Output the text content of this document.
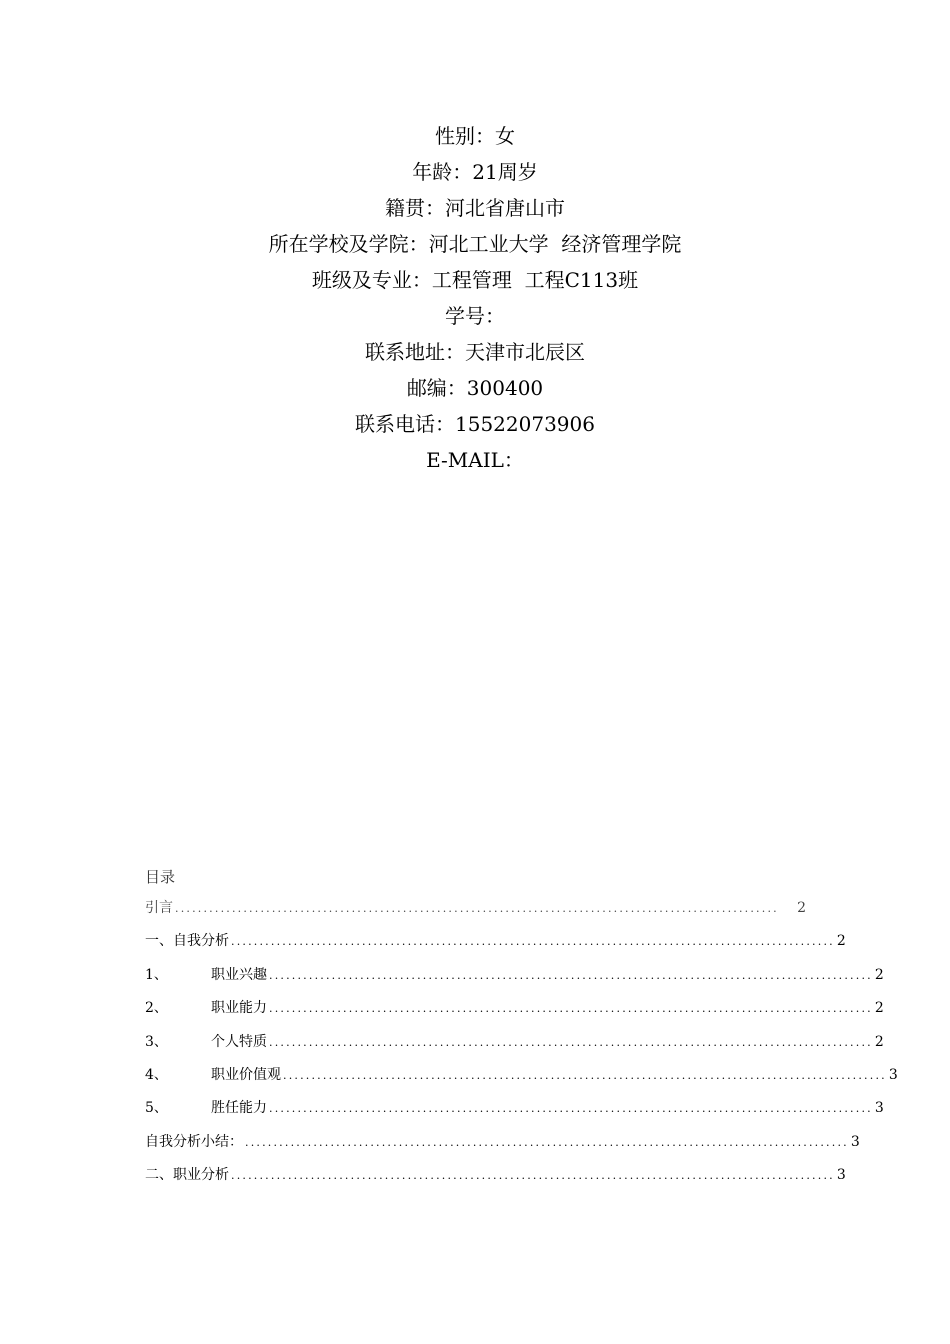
性别：女
年龄：21周岁
籍贯：河北省唐山市
所在学校及学院：河北工业大学  经济管理学院
班级及专业：工程管理  工程C113班
学号：
联系地址：天津市北辰区
邮编：300400
联系电话：15522073906
E-MAIL：
目录
引言 ..........................................................................................................	2
一、自我分析 .......................................................................................................... 2
1、	职业兴趣 .......................................................................................................... 2
2、	职业能力 .......................................................................................................... 2
3、	个人特质 .......................................................................................................... 2
4、	职业价值观 .......................................................................................................... 3
5、	胜任能力 .......................................................................................................... 3
自我分析小结： .......................................................................................................... 3
二、职业分析 .......................................................................................................... 3
